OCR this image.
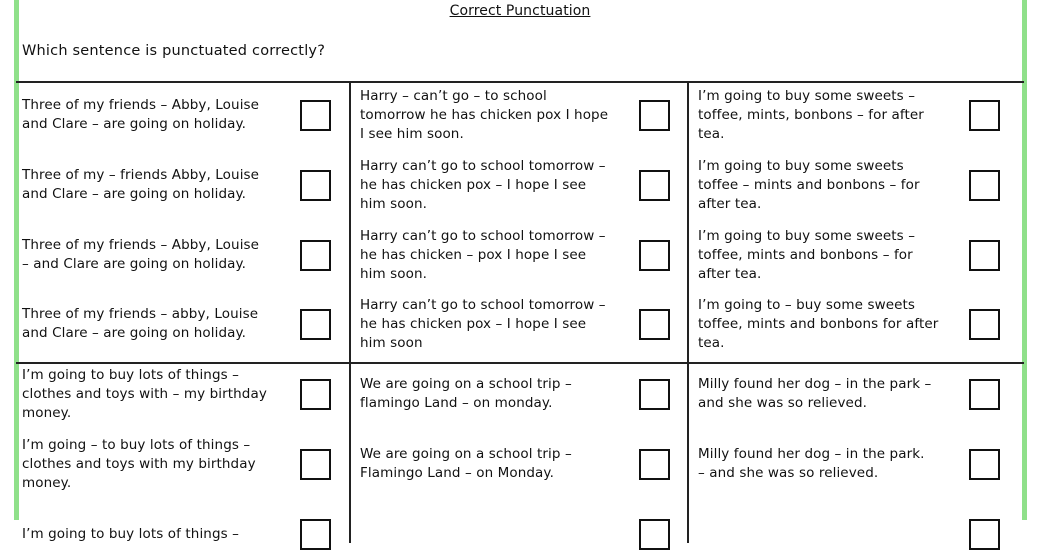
Correct Punctuation
Which sentence is punctuated correctly?
Three of my friends – Abby, Louise
and Clare – are going on holiday.
Three of my – friends Abby, Louise
and Clare – are going on holiday.
Three of my friends – Abby, Louise
– and Clare are going on holiday.
Three of my friends – abby, Louise
and Clare – are going on holiday.
I’m going to buy lots of things –
clothes and toys with – my birthday
money.
I’m going – to buy lots of things –
clothes and toys with my birthday
money.
I’m going to buy lots of things –
Harry – can’t go – to school
tomorrow he has chicken pox I hope
I see him soon.
Harry can’t go to school tomorrow –
he has chicken pox – I hope I see
him soon.
Harry can’t go to school tomorrow –
he has chicken – pox I hope I see
him soon.
Harry can’t go to school tomorrow –
he has chicken pox – I hope I see
him soon
We are going on a school trip –
flamingo Land – on monday.
We are going on a school trip –
Flamingo Land – on Monday.
I’m going to buy some sweets –
toffee, mints, bonbons – for after
tea.
I’m going to buy some sweets
toffee – mints and bonbons – for
after tea.
I’m going to buy some sweets –
toffee, mints and bonbons – for
after tea.
I’m going to – buy some sweets
toffee, mints and bonbons for after
tea.
Milly found her dog – in the park –
and she was so relieved.
Milly found her dog – in the park.
– and she was so relieved.
